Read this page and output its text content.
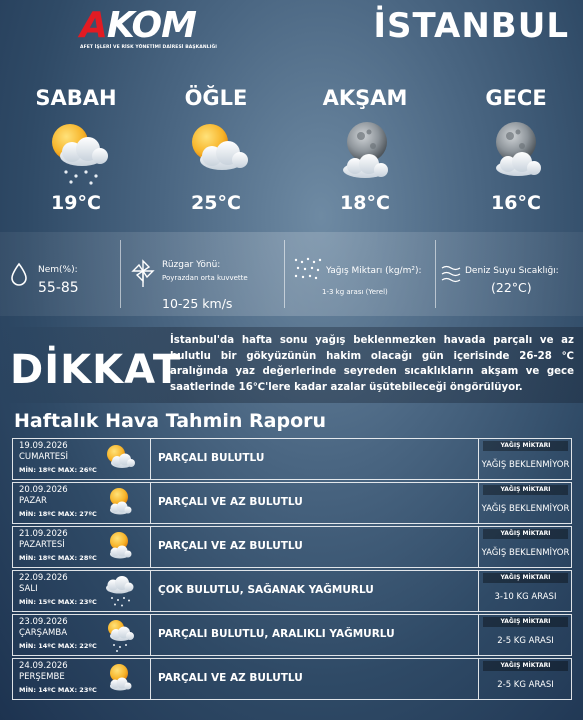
AKOM
AFET İŞLERİ VE RİSK YÖNETİMİ DAİRESİ BAŞKANLIĞI
İSTANBUL
SABAH
19°C
ÖĞLE
25°C
AKŞAM
18°C
GECE
16°C
Nem(%):
55-85
Rüzgar Yönü:
Poyrazdan orta kuvvette
10-25 km/s
Yağış Miktarı (kg/m²):
1-3 kg arası (Yerel)
Deniz Suyu Sıcaklığı:
(22°C)
DİKKAT
İstanbul'da hafta sonu yağış beklenmezken havada parçalı ve az bulutlu bir gökyüzünün hakim olacağı gün içerisinde 26-28 ℃ aralığında yaz değerlerinde seyreden sıcaklıkların akşam ve gece saatlerinde 16℃'lere kadar azalar üşütebileceği öngörülüyor.
Haftalık Hava Tahmin Raporu
19.09.2026
CUMARTESİ
MİN: 18ºC MAX: 26ºC
PARÇALI BULUTLU
YAĞIŞ MİKTARI
YAĞIŞ BEKLENMİYOR
20.09.2026
PAZAR
MİN: 18ºC MAX: 27ºC
PARÇALI VE AZ BULUTLU
YAĞIŞ MİKTARI
YAĞIŞ BEKLENMİYOR
21.09.2026
PAZARTESİ
MİN: 18ºC MAX: 28ºC
PARÇALI VE AZ BULUTLU
YAĞIŞ MİKTARI
YAĞIŞ BEKLENMİYOR
22.09.2026
SALI
MİN: 15ºC MAX: 23ºC
ÇOK BULUTLU, SAĞANAK YAĞMURLU
YAĞIŞ MİKTARI
3-10 KG ARASI
23.09.2026
ÇARŞAMBA
MİN: 14ºC MAX: 22ºC
PARÇALI BULUTLU, ARALIKLI YAĞMURLU
YAĞIŞ MİKTARI
2-5 KG ARASI
24.09.2026
PERŞEMBE
MİN: 14ºC MAX: 23ºC
PARÇALI VE AZ BULUTLU
YAĞIŞ MİKTARI
2-5 KG ARASI
